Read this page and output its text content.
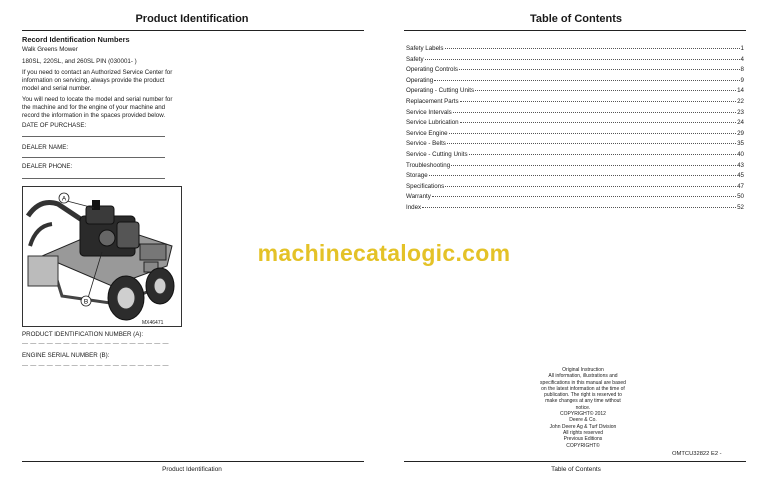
Product Identification
Record Identification Numbers
Walk Greens Mower
180SL, 220SL, and 260SL PIN (030001- )
If you need to contact an Authorized Service Center for information on servicing, always provide the product model and serial number.
You will need to locate the model and serial number for the machine and for the engine of your machine and record the information in the spaces provided below.
DATE OF PURCHASE:
DEALER NAME:
DEALER PHONE:
A
B
MX46471
PRODUCT IDENTIFICATION NUMBER (A):
— — — — — — — — — — — — — — — — — —
ENGINE SERIAL NUMBER (B):
— — — — — — — — — — — — — — — — — —
Product Identification
Table of Contents
Safety Labels	1
Safety	4
Operating Controls	8
Operating	9
Operating - Cutting Units	14
Replacement Parts	22
Service Intervals	23
Service Lubrication	24
Service Engine	29
Service - Belts	35
Service - Cutting Units	40
Troubleshooting	43
Storage	45
Specifications	47
Warranty	50
Index	52
Original Instruction
All information, illustrations and
specifications in this manual are based
on the latest information at the time of
publication. The right is reserved to
make changes at any time without
notice.
COPYRIGHT© 2012
Deere & Co.
John Deere Ag & Turf Division
All rights reserved
Previous Editions
COPYRIGHT©
OMTCU32822 E2 -
Table of Contents
machinecatalogic.com
